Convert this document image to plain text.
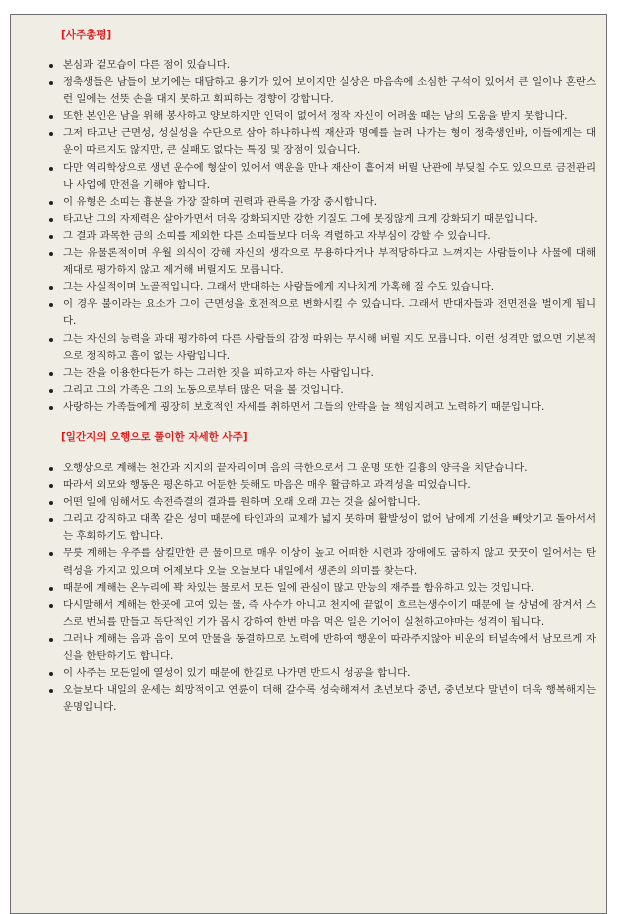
[사주총평]

본심과 겉모습이 다른 점이 있습니다.
정축생들은 남들이 보기에는 대담하고 용기가 있어 보이지만 실상은 마음속에 소심한 구석이 있어서 큰 일이나 혼란스런 일에는 선뜻 손을 대지 못하고 회피하는 경향이 강합니다.
또한 본인은 남을 위해 봉사하고 양보하지만 인덕이 없어서 정작 자신이 어려울 때는 남의 도움을 받지 못합니다.
그저 타고난 근면성, 성실성을 수단으로 삼아 하나하나씩 재산과 명예를 늘려 나가는 형이 정축생인바, 이들에게는 대운이 따르지도 않지만, 큰 실패도 없다는 특징 및 장점이 있습니다.
다만 역리학상으로 생년 운수에 형살이 있어서 액운을 만나 재산이 흩어져 버릴 난관에 부딪칠 수도 있으므로 금전관리나 사업에 만전을 기해야 합니다.
이 유형은 소띠는 흉분을 가장 잘하며 권력과 관록을 가장 중시합니다.
타고난 그의 자제력은 살아가면서 더욱 강화되지만 강한 기질도 그에 못징않게 크게 강화되기 때문입니다.
그 결과 과목한 금의 소띠를 제외한 다른 소띠들보다 더욱 격렬하고 자부심이 강할 수 있습니다.
그는 유물론적이며 우월 의식이 강해 자신의 생각으로 무용하다거나 부적당하다고 느껴지는 사람들이나 사물에 대해 제대로 평가하지 않고 제거해 버릴지도 모릅니다.
그는 사실적이며 노골적입니다. 그래서 반대하는 사람들에게 지나치게 가혹해 질 수도 있습니다.
이 경우 불이라는 요소가 그이 근면성을 호전적으로 변화시킬 수 있습니다. 그래서 반대자들과 전면전을 벌이게 됩니다.
그는 자신의 능력을 과대 평가하여 다른 사람들의 감정 따위는 무시해 버릴 지도 모릅니다. 이런 성격만 없으면 기본적으로 정직하고 흠이 없는 사람입니다.
그는 잔을 이용한다든가 하는 그러한 짓을 피하고자 하는 사람입니다.
그리고 그의 가족은 그의 노동으로부터 많은 덕을 볼 것입니다.
사랑하는 가족들에게 굉장히 보호적인 자세를 취하면서 그들의 안락을 늘 책임지려고 노력하기 때문입니다.

[일간지의 오행으로 풀이한 자세한 사주]

오행상으로 계해는 천간과 지지의 끝자리이며 음의 극한으로서 그 운명 또한 길흉의 양극을 치닫습니다.
따라서 외모와 행동은 평온하고 어둔한 듯해도 마음은 매우 활급하고 과격성을 띠었습니다.
어떤 일에 임해서도 속전즉결의 결과를 원하며 오래 오래 끄는 것을 싫어합니다.
그리고 강직하고 대쪽 같은 성미 때문에 타인과의 교제가 넓지 못하며 활발성이 없어 남에게 기선을 빼앗기고 돌아서서는 후회하기도 합니다.
무릇 계해는 우주를 삼킬만한 큰 물이므로 매우 이상이 높고 어떠한 시련과 장애에도 굽하지 않고 꿋꿋이 일어서는 탄력성을 가지고 있으며 어제보다 오늘 오늘보다 내일에서 생존의 의미를 찾는다.
때문에 계해는 온누리에 꽉 차있는 물로서 모든 일에 관심이 많고 만능의 재주를 함유하고 있는 것입니다.
다시말해서 계해는 한곳에 고여 있는 물, 즉 사수가 아니고 천지에 끝없이 흐르는생수이기 때문에 늘 상념에 잠겨서 스스로 번뇌를 만들고 독단적인 기가 몹시 강하여 한번 마음 먹은 일은 기어이 실천하고야마는 성격이 됩니다.
그러나 계해는 음과 음이 모여 만물을 동결하므로 노력에 반하여 행운이 따라주지않아 비운의 터널속에서 남모르게 자신을 한탄하기도 합니다.
이 사주는 모든일에 열성이 있기 때문에 한길로 나가면 반드시 성공을 합니다.
오늘보다 내일의 운세는 희망적이고 연륜이 더해 갈수록 성숙해져서 초년보다 중년, 중년보다 말년이 더욱 행복해지는 운명입니다.
